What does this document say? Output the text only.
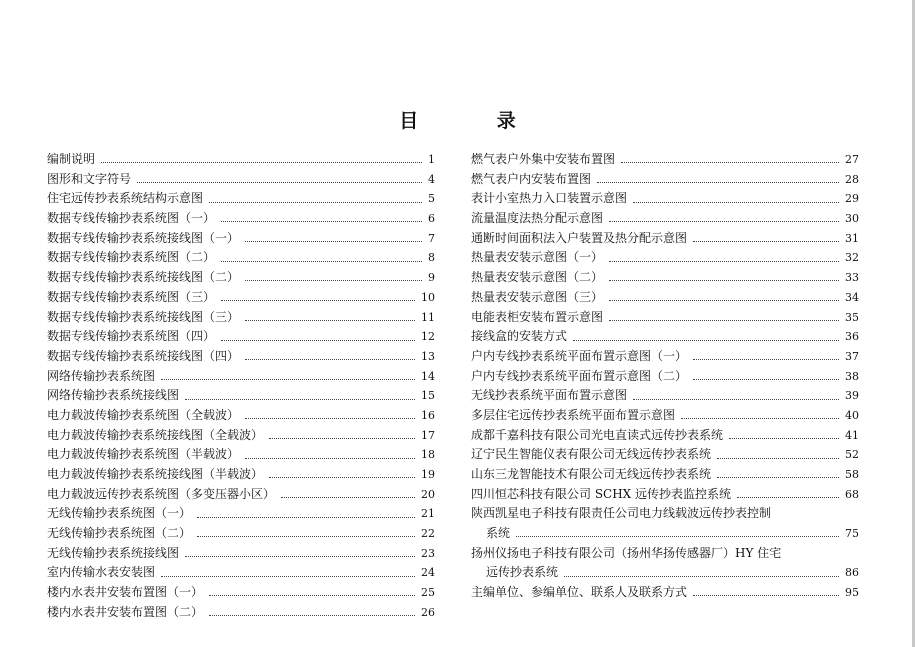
目 录
编制说明	1
图形和文字符号	4
住宅远传抄表系统结构示意图	5
数据专线传输抄表系统图（一）	6
数据专线传输抄表系统接线图（一）	7
数据专线传输抄表系统图（二）	8
数据专线传输抄表系统接线图（二）	9
数据专线传输抄表系统图（三）	10
数据专线传输抄表系统接线图（三）	11
数据专线传输抄表系统图（四）	12
数据专线传输抄表系统接线图（四）	13
网络传输抄表系统图	14
网络传输抄表系统接线图	15
电力载波传输抄表系统图（全载波）	16
电力载波传输抄表系统接线图（全载波）	17
电力载波传输抄表系统图（半载波）	18
电力载波传输抄表系统接线图（半载波）	19
电力载波远传抄表系统图（多变压器小区）	20
无线传输抄表系统图（一）	21
无线传输抄表系统图（二）	22
无线传输抄表系统接线图	23
室内传输水表安装图	24
楼内水表井安装布置图（一）	25
楼内水表井安装布置图（二）	26
燃气表户外集中安装布置图	27
燃气表户内安装布置图	28
表计小室热力入口装置示意图	29
流量温度法热分配示意图	30
通断时间面积法入户装置及热分配示意图	31
热量表安装示意图（一）	32
热量表安装示意图（二）	33
热量表安装示意图（三）	34
电能表柜安装布置示意图	35
接线盒的安装方式	36
户内专线抄表系统平面布置示意图（一）	37
户内专线抄表系统平面布置示意图（二）	38
无线抄表系统平面布置示意图	39
多层住宅远传抄表系统平面布置示意图	40
成都千嘉科技有限公司光电直读式远传抄表系统	41
辽宁民生智能仪表有限公司无线远传抄表系统	52
山东三龙智能技术有限公司无线远传抄表系统	58
四川恒芯科技有限公司 SCHX 远传抄表监控系统	68
陕西凯星电子科技有限责任公司电力线载波远传抄表控制
系统	75
扬州仪扬电子科技有限公司（扬州华扬传感器厂）HY 住宅
远传抄表系统	86
主编单位、参编单位、联系人及联系方式	95
